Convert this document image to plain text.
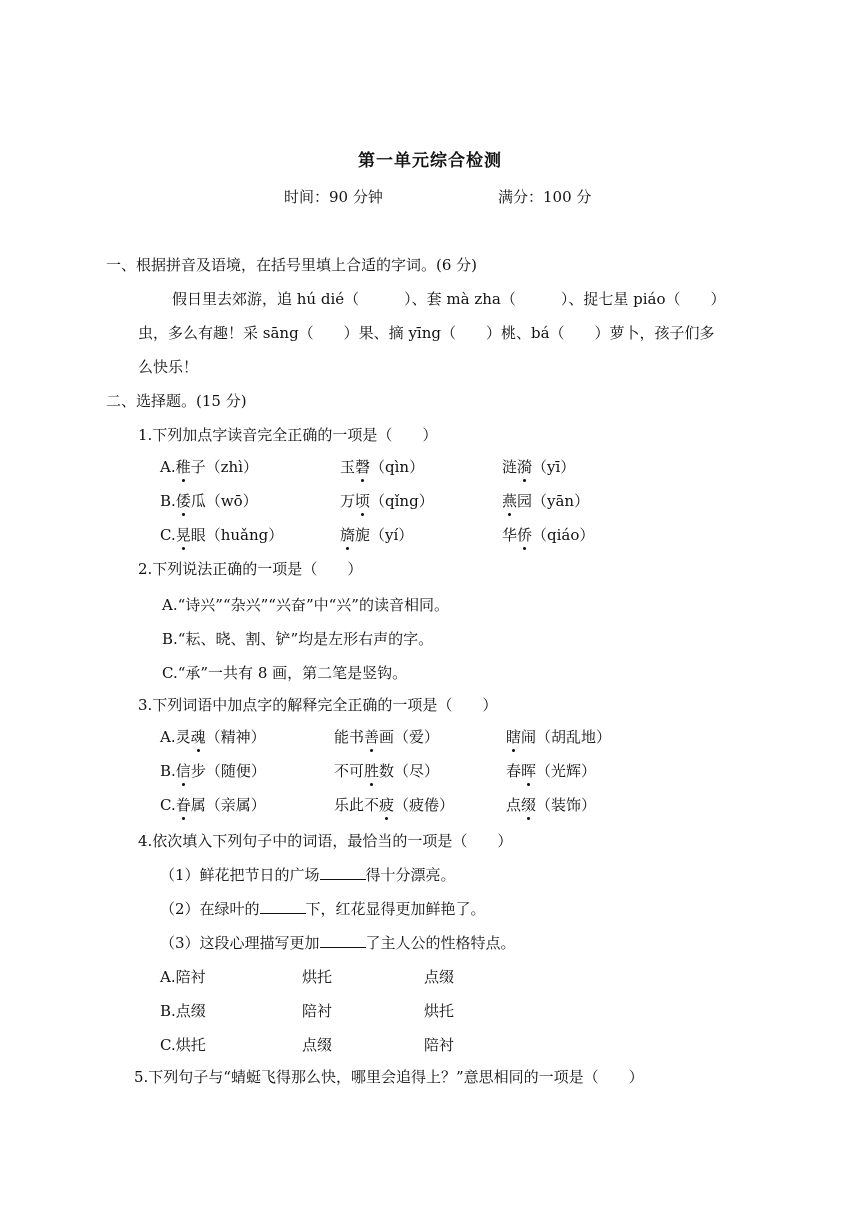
第一单元综合检测
时间：90 分钟	满分：100 分
一、根据拼音及语境，在括号里填上合适的字词。(6 分)
假日里去郊游，追 hú dié（　　　）、套 mà zha（　　　）、捉七星 piáo（　　）
虫，多么有趣！采 sāng（　　）果、摘 yīng（　　）桃、bá（　　）萝卜，孩子们多
么快乐！
二、选择题。(15 分)
1.下列加点字读音完全正确的一项是（　　）
A.稚子（zhì）	玉磬（qìn）	涟漪（yī）
B.倭瓜（wō）	万顷（qǐng）	燕园（yān）
C.晃眼（huǎng）	旖旎（yí）	华侨（qiáo）
2.下列说法正确的一项是（　　）
A.“诗兴”“杂兴”“兴奋”中“兴”的读音相同。
B.“耘、晓、割、铲”均是左形右声的字。
C.“承”一共有 8 画，第二笔是竖钩。
3.下列词语中加点字的解释完全正确的一项是（　　）
A.灵魂（精神）	能书善画（爱）	瞎闹（胡乱地）
B.信步（随便）	不可胜数（尽）	春晖（光辉）
C.眷属（亲属）	乐此不疲（疲倦）	点缀（装饰）
4.依次填入下列句子中的词语，最恰当的一项是（　　）
（1）鲜花把节日的广场	得十分漂亮。
（2）在绿叶的	下，红花显得更加鲜艳了。
（3）这段心理描写更加	了主人公的性格特点。
A.陪衬	烘托	点缀
B.点缀	陪衬	烘托
C.烘托	点缀	陪衬
5.下列句子与“蜻蜓飞得那么快，哪里会追得上？”意思相同的一项是（　　）
